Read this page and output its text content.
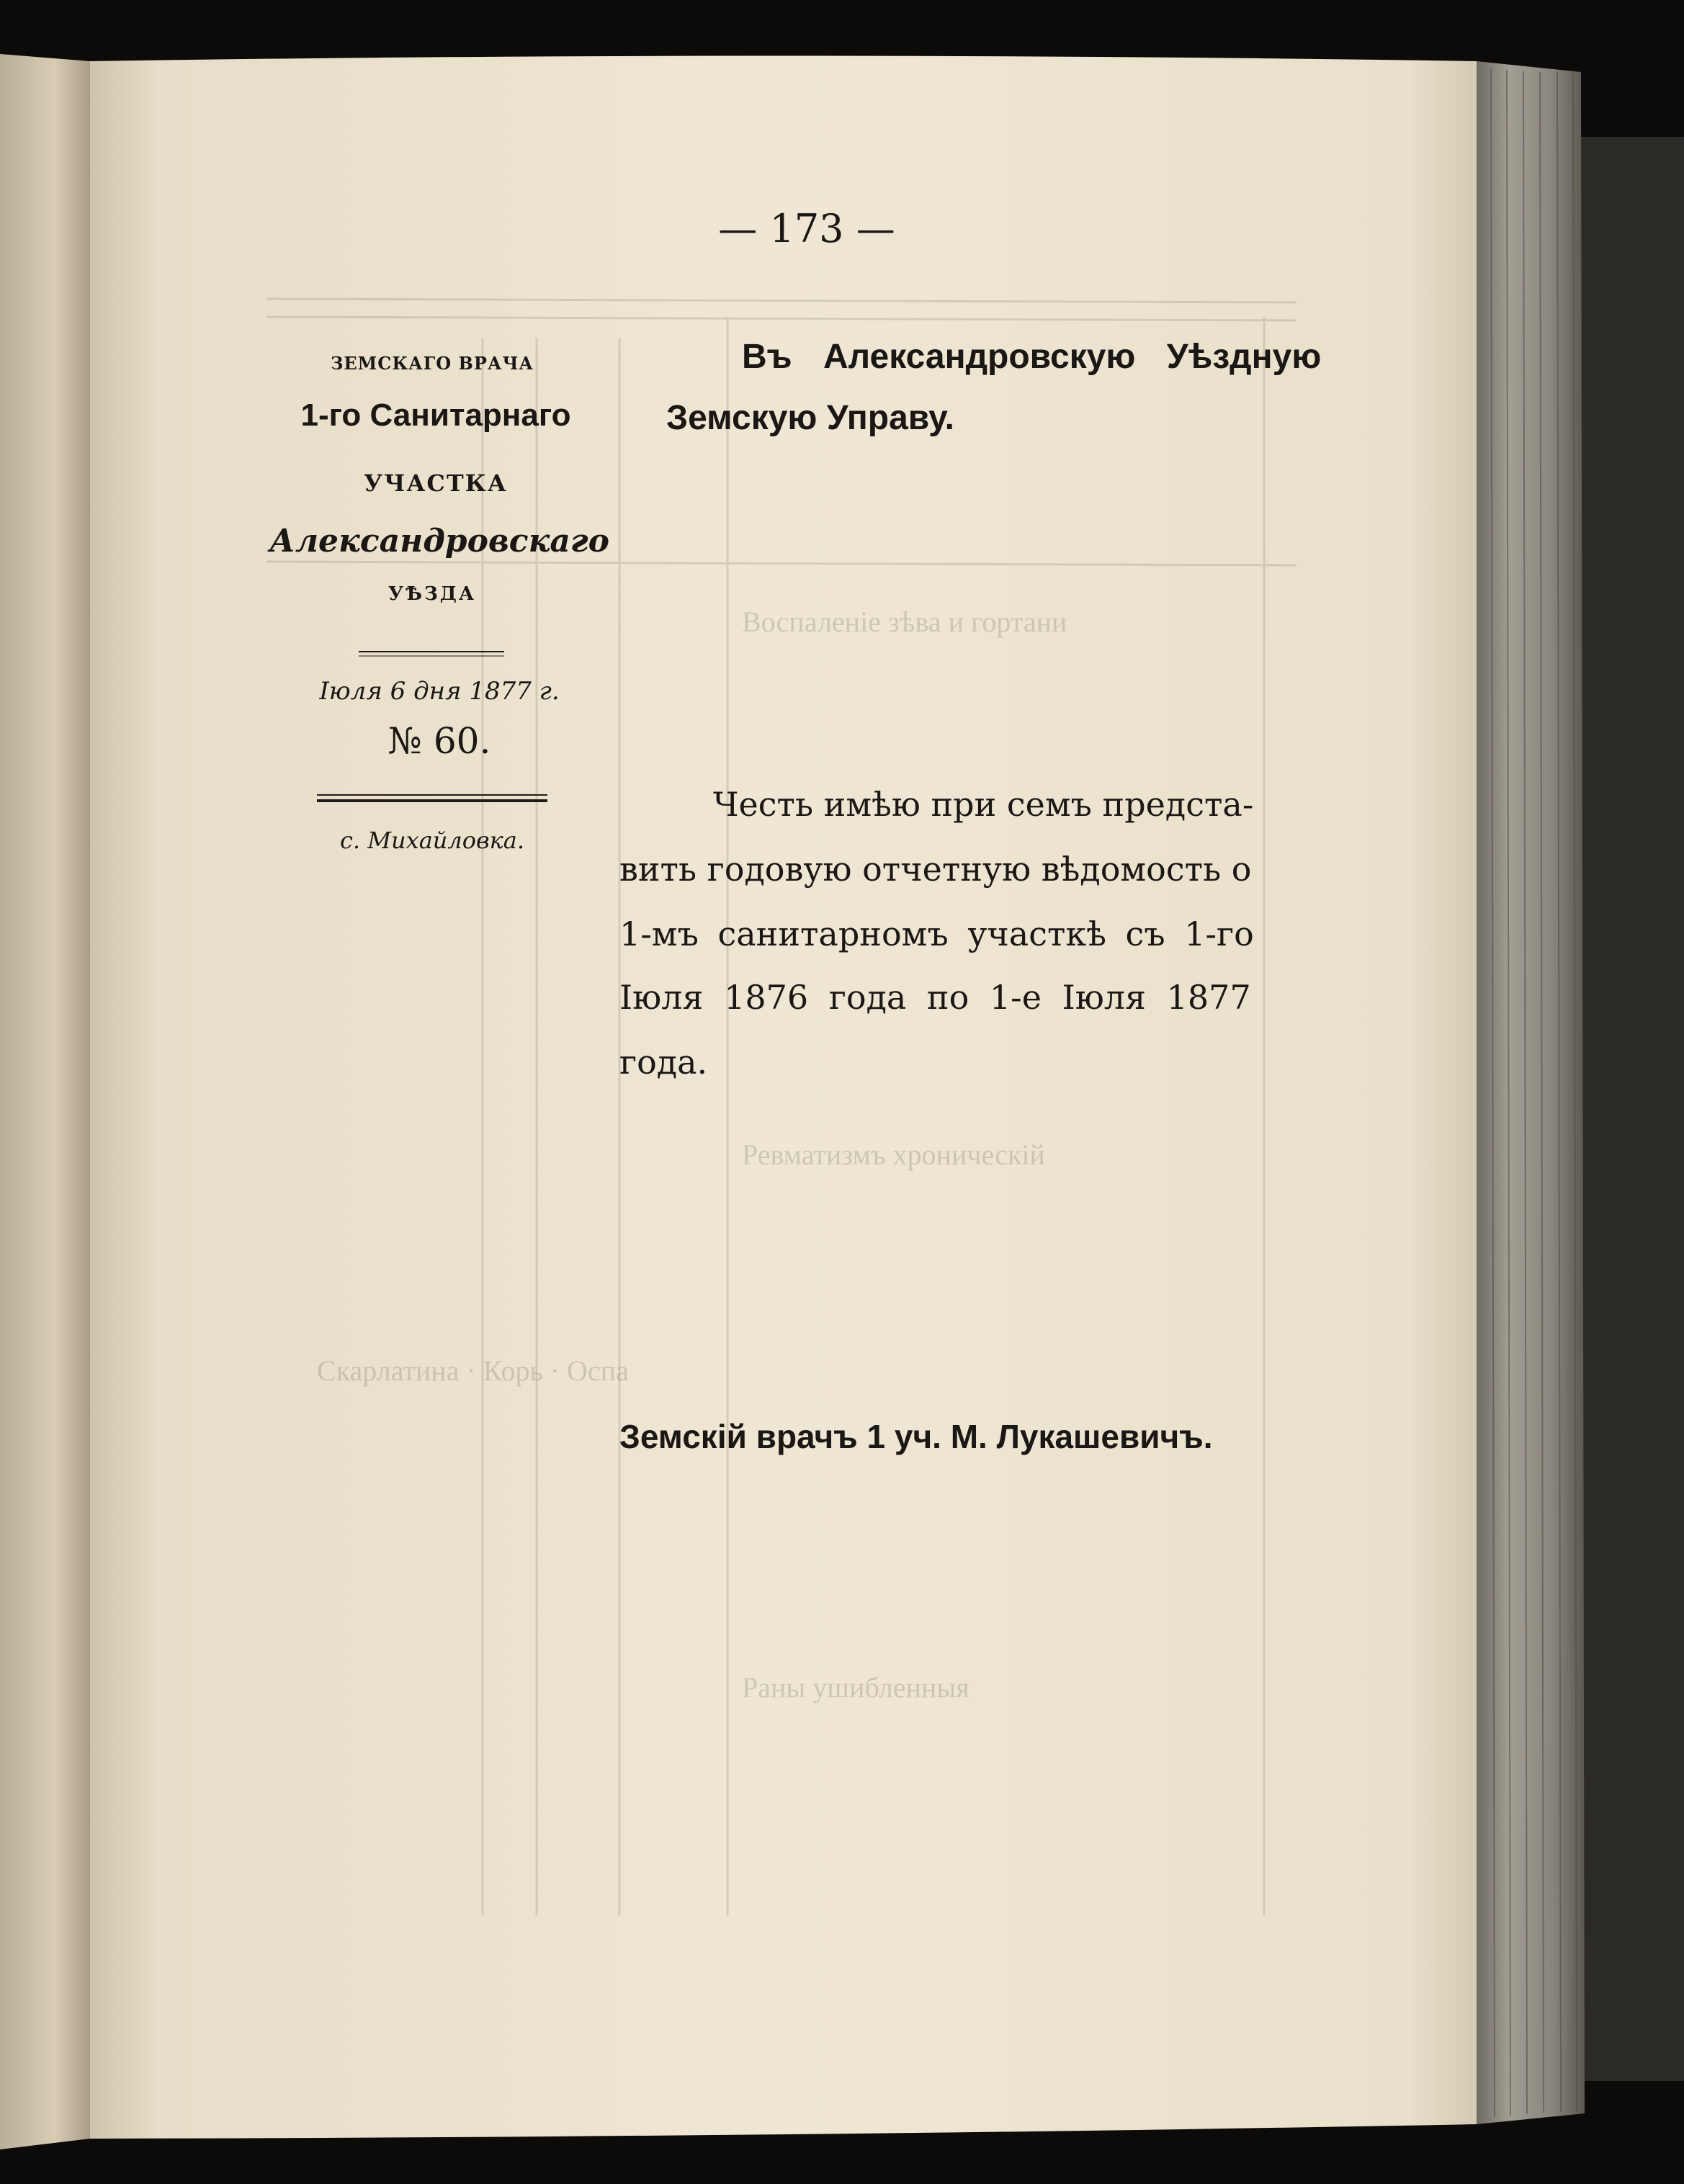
Воспаленіе зѣва и гортани
Ревматизмъ хроническій
Скарлатина · Корь · Оспа
Раны ушибленныя
— 173 —
ЗЕМСКАГО ВРАЧА
1-го Санитарнаго
УЧАСТКА
Александровскаго
УѢЗДА
Іюля 6 дня 1877 г.
№ 60.
с. Михайловка.
Въ Александровскую Уѣздную
Земскую Управу.
Честь имѣю при семъ предста-
вить годовую отчетную вѣдомость о
1-мъ санитарномъ участкѣ съ 1-го
Іюля 1876 года по 1-е Іюля 1877
года.
Земскій врачъ 1 уч. М. Лукашевичъ.
